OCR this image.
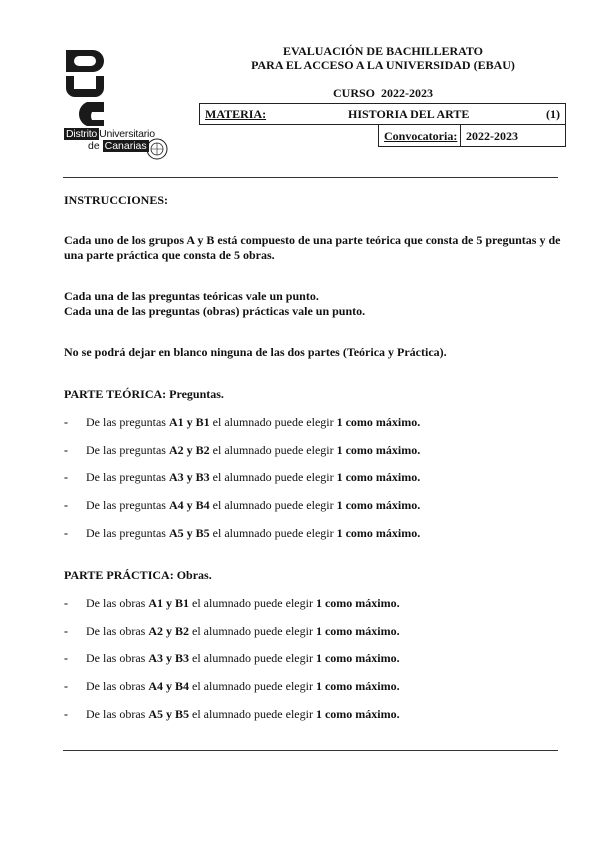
Distrito Universitario
de Canarias
EVALUACIÓN DE BACHILLERATO
PARA EL ACCESO A LA UNIVERSIDAD (EBAU)
CURSO 2022-2023
MATERIA:	HISTORIA DEL ARTE	(1)
Convocatoria: 2022-2023
INSTRUCCIONES:
Cada uno de los grupos A y B está compuesto de una parte teórica que consta de 5 preguntas y de una parte práctica que consta de 5 obras.
Cada una de las preguntas teóricas vale un punto.
Cada una de las preguntas (obras) prácticas vale un punto.
No se podrá dejar en blanco ninguna de las dos partes (Teórica y Práctica).
PARTE TEÓRICA: Preguntas.
- De las preguntas A1 y B1 el alumnado puede elegir 1 como máximo.
- De las preguntas A2 y B2 el alumnado puede elegir 1 como máximo.
- De las preguntas A3 y B3 el alumnado puede elegir 1 como máximo.
- De las preguntas A4 y B4 el alumnado puede elegir 1 como máximo.
- De las preguntas A5 y B5 el alumnado puede elegir 1 como máximo.
PARTE PRÁCTICA: Obras.
- De las obras A1 y B1 el alumnado puede elegir 1 como máximo.
- De las obras A2 y B2 el alumnado puede elegir 1 como máximo.
- De las obras A3 y B3 el alumnado puede elegir 1 como máximo.
- De las obras A4 y B4 el alumnado puede elegir 1 como máximo.
- De las obras A5 y B5 el alumnado puede elegir 1 como máximo.
